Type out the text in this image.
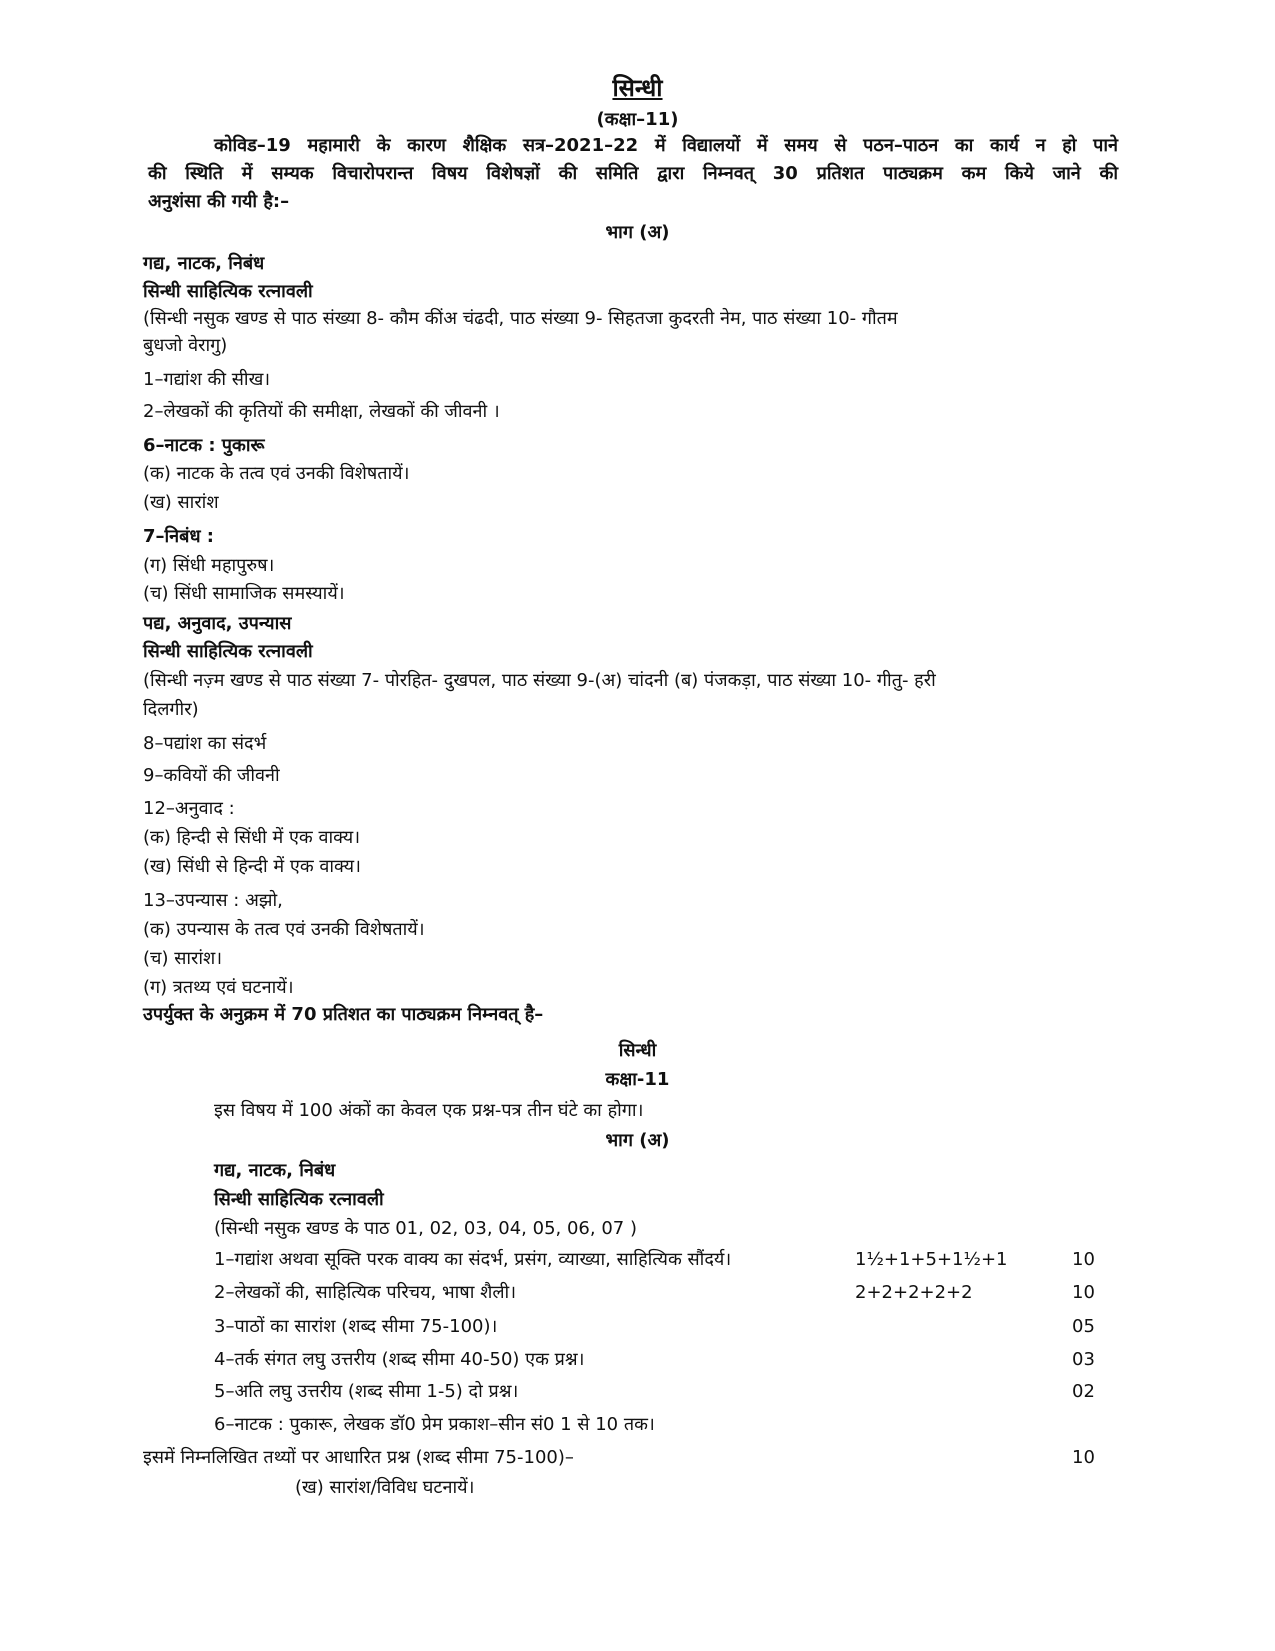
सिन्धी
(कक्षा–11)
कोविड–19 महामारी के कारण शैक्षिक सत्र–2021–22 में विद्यालयों में समय से पठन–पाठन का कार्य न हो पाने
की स्थिति में सम्यक विचारोपरान्त विषय विशेषज्ञों की समिति द्वारा निम्नवत् 30 प्रतिशत पाठ्यक्रम कम किये जाने की
अनुशंसा की गयी है:–
भाग (अ)
गद्य, नाटक, निबंध
सिन्धी साहित्यिक रत्नावली
(सिन्धी नसुक खण्ड से पाठ संख्या 8- कौम कींअ चंढदी, पाठ संख्या 9- सिहतजा कुदरती नेम, पाठ संख्या 10- गौतम
बुधजो वेरागु)
1–गद्यांश की सीख।
2–लेखकों की कृतियों की समीक्षा, लेखकों की जीवनी ।
6–नाटक : पुकारू
(क) नाटक के तत्व एवं उनकी विशेषतायें।
(ख) सारांश
7–निबंध :
(ग) सिंधी महापुरुष।
(च) सिंधी सामाजिक समस्यायें।
पद्य, अनुवाद, उपन्यास
सिन्धी साहित्यिक रत्नावली
(सिन्धी नज़्म खण्ड से पाठ संख्या 7- पोरहित- दुखपल, पाठ संख्या 9-(अ) चांदनी (ब) पंजकड़ा, पाठ संख्या 10- गीतु- हरी
दिलगीर)
8–पद्यांश का संदर्भ
9–कवियों की जीवनी
12–अनुवाद :
(क) हिन्दी से सिंधी में एक वाक्य।
(ख) सिंधी से हिन्दी में एक वाक्य।
13–उपन्यास : अझो,
(क) उपन्यास के तत्व एवं उनकी विशेषतायें।
(च) सारांश।
(ग) त्रतथ्य एवं घटनायें।
उपर्युक्त के अनुक्रम में 70 प्रतिशत का पाठ्यक्रम निम्नवत् है–
सिन्धी
कक्षा-11
इस विषय में 100 अंकों का केवल एक प्रश्न-पत्र तीन घंटे का होगा।
भाग (अ)
गद्य, नाटक, निबंध
सिन्धी साहित्यिक रत्नावली
(सिन्धी नसुक खण्ड के पाठ 01, 02, 03, 04, 05, 06, 07 )
1–गद्यांश अथवा सूक्ति परक वाक्य का संदर्भ, प्रसंग, व्याख्या, साहित्यिक सौंदर्य।	1½+1+5+1½+1	10
2–लेखकों की, साहित्यिक परिचय, भाषा शैली।	2+2+2+2+2	10
3–पाठों का सारांश (शब्द सीमा 75-100)।	05
4–तर्क संगत लघु उत्तरीय (शब्द सीमा 40-50) एक प्रश्न।	03
5–अति लघु उत्तरीय (शब्द सीमा 1-5) दो प्रश्न।	02
6–नाटक : पुकारू, लेखक डॉ0 प्रेम प्रकाश–सीन सं0 1 से 10 तक।
इसमें निम्नलिखित तथ्यों पर आधारित प्रश्न (शब्द सीमा 75-100)–	10
(ख) सारांश/विविध घटनायें।
